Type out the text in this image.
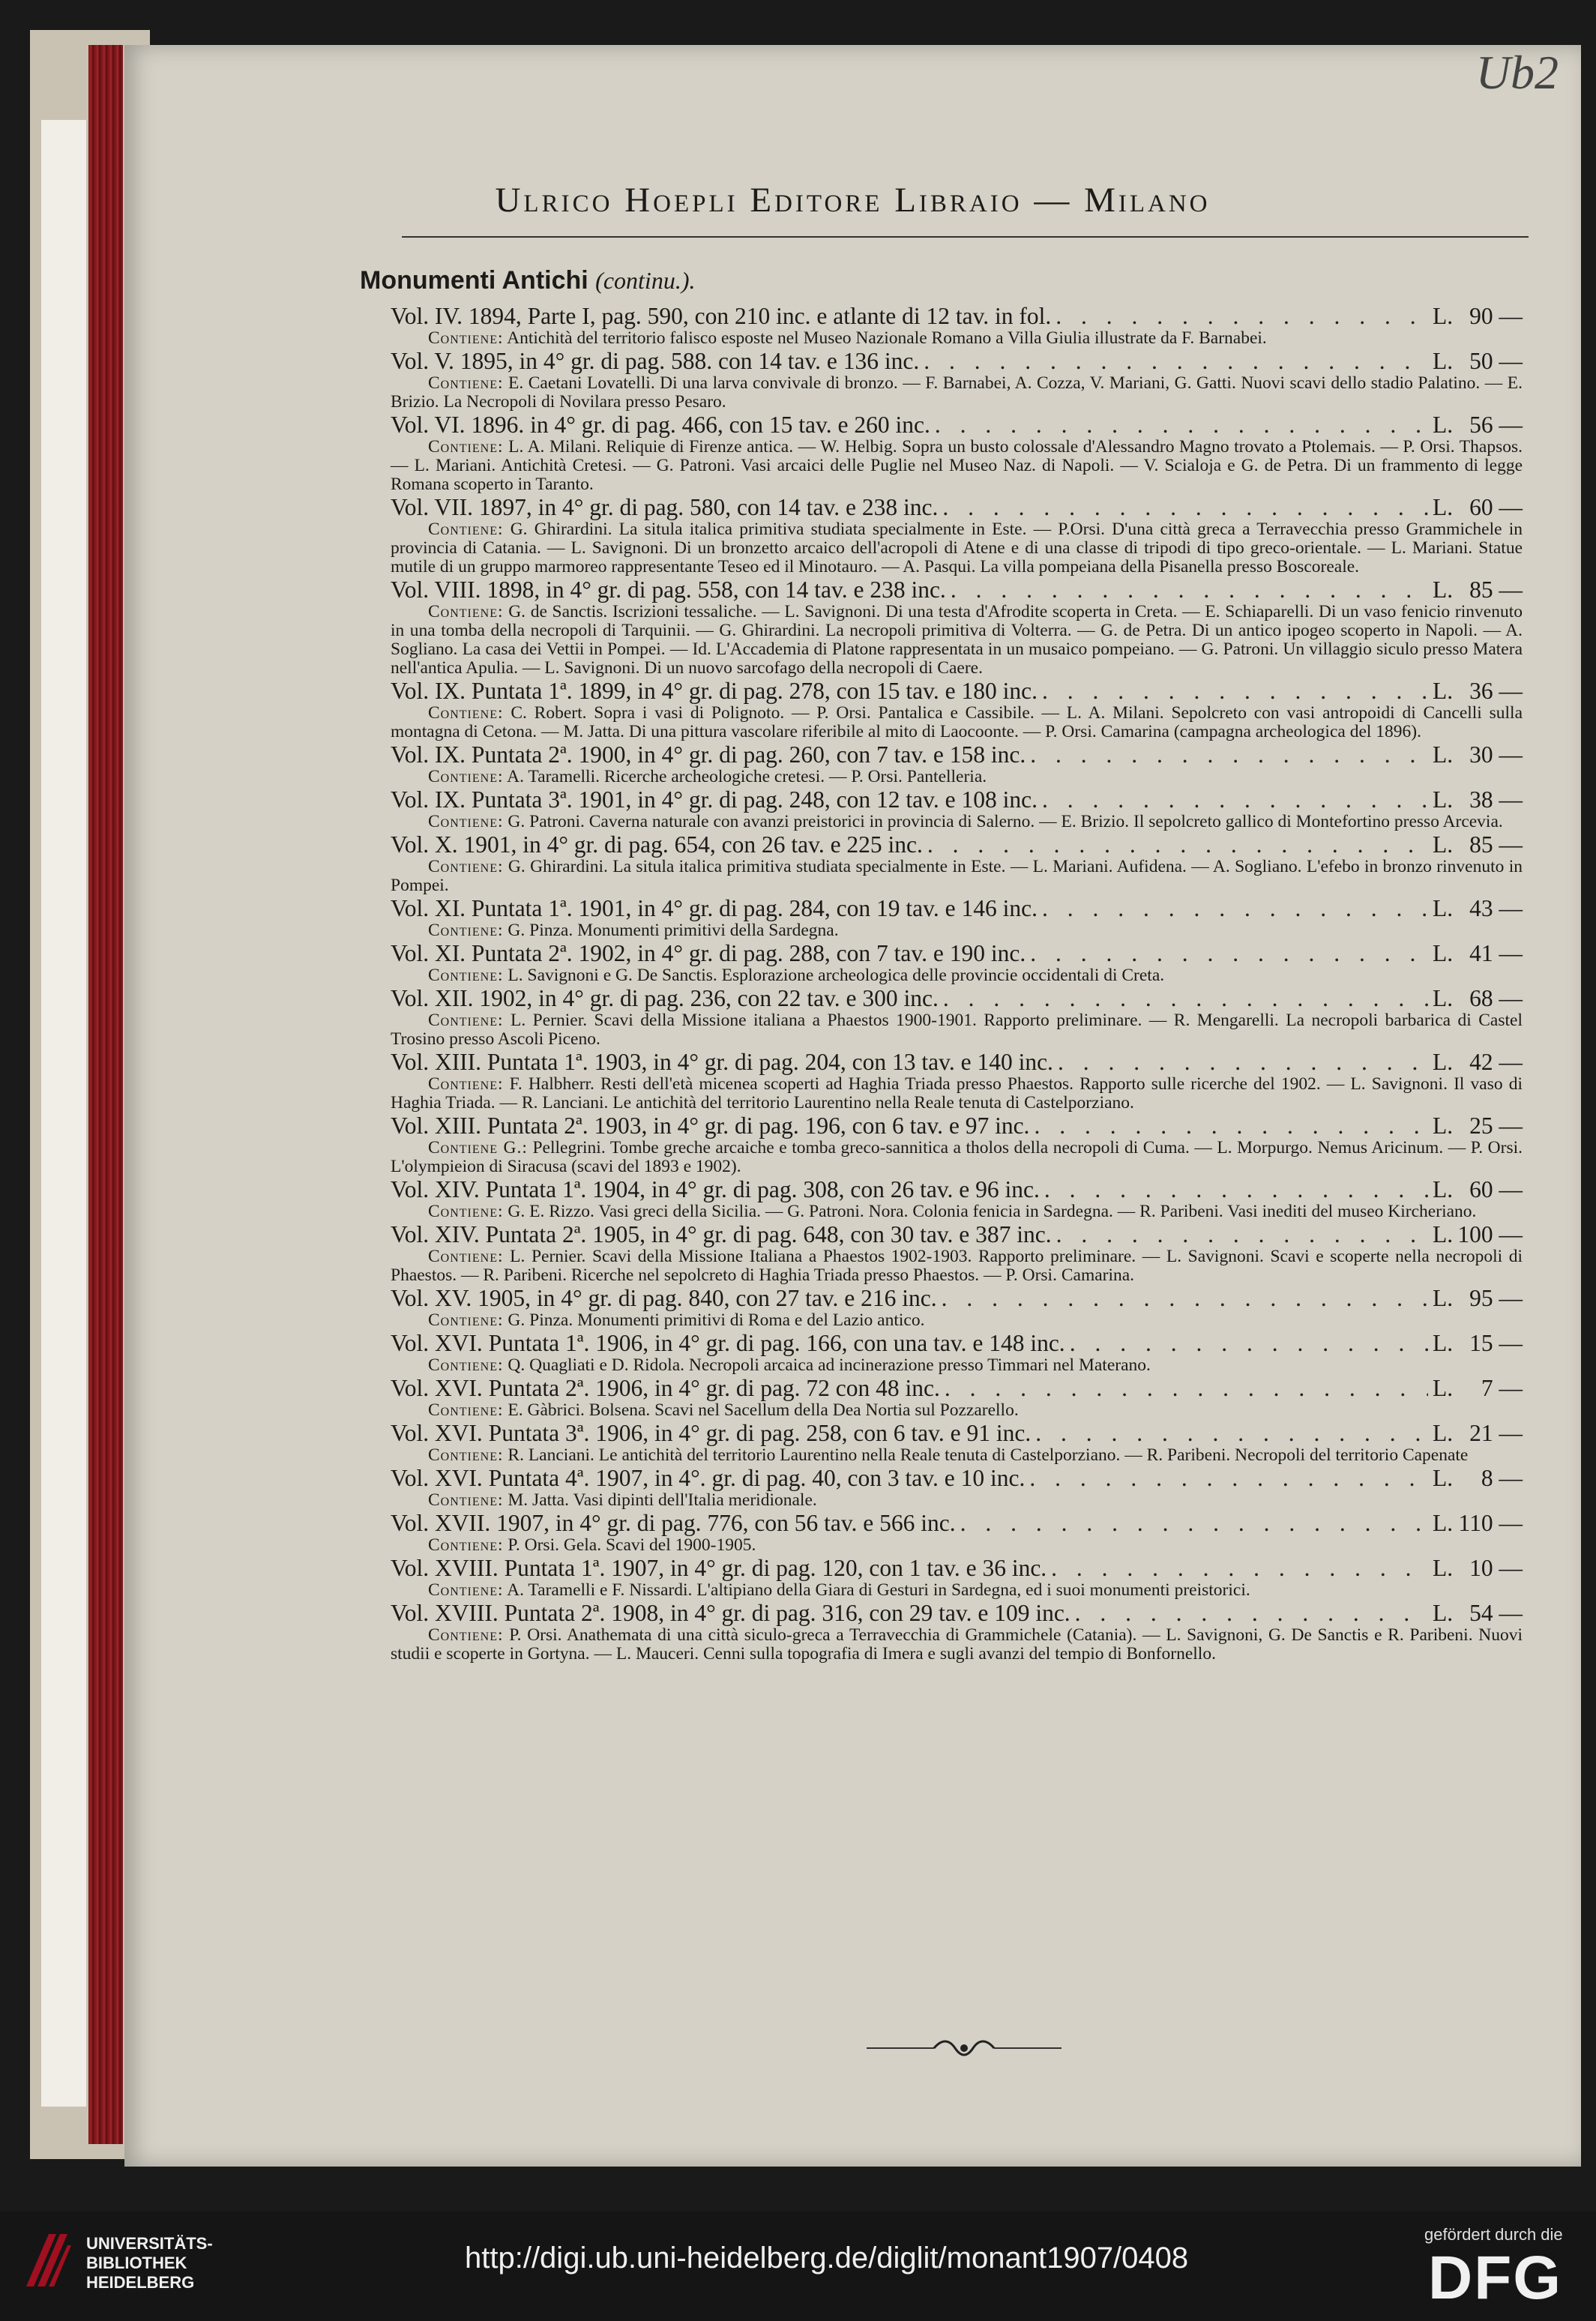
Ub2
Ulrico Hoepli Editore Libraio — Milano
Monumenti Antichi (continu.).
Vol. IV. 1894, Parte I, pag. 590, con 210 inc. e atlante di 12 tav. in fol. . . .	L. 90 —

Contiene: Antichità del territorio falisco esposte nel Museo Nazionale Romano a Villa Giulia illustrate da F. Barnabei.

Vol. V. 1895, in 4° gr. di pag. 588. con 14 tav. e 136 inc. . . .	L. 50 —

Contiene: E. Caetani Lovatelli. Di una larva convivale di bronzo. — F. Barnabei, A. Cozza, V. Mariani, G. Gatti. Nuovi scavi dello stadio Palatino. — E. Brizio. La Necropoli di Novilara presso Pesaro.

Vol. VI. 1896. in 4° gr. di pag. 466, con 15 tav. e 260 inc. . . .	L. 56 —

Contiene: L. A. Milani. Reliquie di Firenze antica. — W. Helbig. Sopra un busto colossale d'Alessandro Magno trovato a Ptolemais. — P. Orsi. Thapsos. — L. Mariani. Antichità Cretesi. — G. Patroni. Vasi arcaici delle Puglie nel Museo Naz. di Napoli. — V. Scialoja e G. de Petra. Di un frammento di legge Romana scoperto in Taranto.

Vol. VII. 1897, in 4° gr. di pag. 580, con 14 tav. e 238 inc. . . .	L. 60 —

Contiene: G. Ghirardini. La situla italica primitiva studiata specialmente in Este. — P.Orsi. D'una città greca a Terravecchia presso Grammichele in provincia di Catania. — L. Savignoni. Di un bronzetto arcaico dell'acropoli di Atene e di una classe di tripodi di tipo greco-orientale. — L. Mariani. Statue mutile di un gruppo marmoreo rappresentante Teseo ed il Minotauro. — A. Pasqui. La villa pompeiana della Pisanella presso Boscoreale.

Vol. VIII. 1898, in 4° gr. di pag. 558, con 14 tav. e 238 inc. . . .	L. 85 —

Contiene: G. de Sanctis. Iscrizioni tessaliche. — L. Savignoni. Di una testa d'Afrodite scoperta in Creta. — E. Schiaparelli. Di un vaso fenicio rinvenuto in una tomba della necropoli di Tarquinii. — G. Ghirardini. La necropoli primitiva di Volterra. — G. de Petra. Di un antico ipogeo scoperto in Napoli. — A. Sogliano. La casa dei Vettii in Pompei. — Id. L'Accademia di Platone rappresentata in un musaico pompeiano. — G. Patroni. Un villaggio siculo presso Matera nell'antica Apulia. — L. Savignoni. Di un nuovo sarcofago della necropoli di Caere.

Vol. IX. Puntata 1ª. 1899, in 4° gr. di pag. 278, con 15 tav. e 180 inc. . . .	L. 36 —

Contiene: C. Robert. Sopra i vasi di Polignoto. — P. Orsi. Pantalica e Cassibile. — L. A. Milani. Sepolcreto con vasi antropoidi di Cancelli sulla montagna di Cetona. — M. Jatta. Di una pittura vascolare riferibile al mito di Laocoonte. — P. Orsi. Camarina (campagna archeologica del 1896).

Vol. IX. Puntata 2ª. 1900, in 4° gr. di pag. 260, con 7 tav. e 158 inc. . . .	L. 30 —

Contiene: A. Taramelli. Ricerche archeologiche cretesi. — P. Orsi. Pantelleria.

Vol. IX. Puntata 3ª. 1901, in 4° gr. di pag. 248, con 12 tav. e 108 inc. . . .	L. 38 —

Contiene: G. Patroni. Caverna naturale con avanzi preistorici in provincia di Salerno. — E. Brizio. Il sepolcreto gallico di Montefortino presso Arcevia.

Vol. X. 1901, in 4° gr. di pag. 654, con 26 tav. e 225 inc. . . .	L. 85 —

Contiene: G. Ghirardini. La situla italica primitiva studiata specialmente in Este. — L. Mariani. Aufidena. — A. Sogliano. L'efebo in bronzo rinvenuto in Pompei.

Vol. XI. Puntata 1ª. 1901, in 4° gr. di pag. 284, con 19 tav. e 146 inc. . . .	L. 43 —

Contiene: G. Pinza. Monumenti primitivi della Sardegna.

Vol. XI. Puntata 2ª. 1902, in 4° gr. di pag. 288, con 7 tav. e 190 inc. . . .	L. 41 —

Contiene: L. Savignoni e G. De Sanctis. Esplorazione archeologica delle provincie occidentali di Creta.

Vol. XII. 1902, in 4° gr. di pag. 236, con 22 tav. e 300 inc. . . .	L. 68 —

Contiene: L. Pernier. Scavi della Missione italiana a Phaestos 1900-1901. Rapporto preliminare. — R. Mengarelli. La necropoli barbarica di Castel Trosino presso Ascoli Piceno.

Vol. XIII. Puntata 1ª. 1903, in 4° gr. di pag. 204, con 13 tav. e 140 inc. . . .	L. 42 —

Contiene: F. Halbherr. Resti dell'età micenea scoperti ad Haghia Triada presso Phaestos. Rapporto sulle ricerche del 1902. — L. Savignoni. Il vaso di Haghia Triada. — R. Lanciani. Le antichità del territorio Laurentino nella Reale tenuta di Castelporziano.

Vol. XIII. Puntata 2ª. 1903, in 4° gr. di pag. 196, con 6 tav. e 97 inc. . . .	L. 25 —

Contiene G.: Pellegrini. Tombe greche arcaiche e tomba greco-sannitica a tholos della necropoli di Cuma. — L. Morpurgo. Nemus Aricinum. — P. Orsi. L'olympieion di Siracusa (scavi del 1893 e 1902).

Vol. XIV. Puntata 1ª. 1904, in 4° gr. di pag. 308, con 26 tav. e 96 inc. . . .	L. 60 —

Contiene: G. E. Rizzo. Vasi greci della Sicilia. — G. Patroni. Nora. Colonia fenicia in Sardegna. — R. Paribeni. Vasi inediti del museo Kircheriano.

Vol. XIV. Puntata 2ª. 1905, in 4° gr. di pag. 648, con 30 tav. e 387 inc. . . .	L. 100 —

Contiene: L. Pernier. Scavi della Missione Italiana a Phaestos 1902-1903. Rapporto preliminare. — L. Savignoni. Scavi e scoperte nella necropoli di Phaestos. — R. Paribeni. Ricerche nel sepolcreto di Haghia Triada presso Phaestos. — P. Orsi. Camarina.

Vol. XV. 1905, in 4° gr. di pag. 840, con 27 tav. e 216 inc. . . .	L. 95 —

Contiene: G. Pinza. Monumenti primitivi di Roma e del Lazio antico.

Vol. XVI. Puntata 1ª. 1906, in 4° gr. di pag. 166, con una tav. e 148 inc. . . .	L. 15 —

Contiene: Q. Quagliati e D. Ridola. Necropoli arcaica ad incinerazione presso Timmari nel Materano.

Vol. XVI. Puntata 2ª. 1906, in 4° gr. di pag. 72 con 48 inc. . . .	L.	7 —

Contiene: E. Gàbrici. Bolsena. Scavi nel Sacellum della Dea Nortia sul Pozzarello.

Vol. XVI. Puntata 3ª. 1906, in 4° gr. di pag. 258, con 6 tav. e 91 inc. . . .	L. 21 —

Contiene: R. Lanciani. Le antichità del territorio Laurentino nella Reale tenuta di Castelporziano. — R. Paribeni. Necropoli del territorio Capenate

Vol. XVI. Puntata 4ª. 1907, in 4°. gr. di pag. 40, con 3 tav. e 10 inc. . . .	L.	8 —

Contiene: M. Jatta. Vasi dipinti dell'Italia meridionale.

Vol. XVII. 1907, in 4° gr. di pag. 776, con 56 tav. e 566 inc. . . .	L. 110 —

Contiene: P. Orsi. Gela. Scavi del 1900-1905.

Vol. XVIII. Puntata 1ª. 1907, in 4° gr. di pag. 120, con 1 tav. e 36 inc. . . .	L. 10 —

Contiene: A. Taramelli e F. Nissardi. L'altipiano della Giara di Gesturi in Sardegna, ed i suoi monumenti preistorici.

Vol. XVIII. Puntata 2ª. 1908, in 4° gr. di pag. 316, con 29 tav. e 109 inc. . . .	L. 54 —

Contiene: P. Orsi. Anathemata di una città siculo-greca a Terravecchia di Grammichele (Catania). — L. Savignoni, G. De Sanctis e R. Paribeni. Nuovi studii e scoperte in Gortyna. — L. Mauceri. Cenni sulla topografia di Imera e sugli avanzi del tempio di Bonfornello.

UNIVERSITÄTS-
BIBLIOTHEK
HEIDELBERG
http://digi.ub.uni-heidelberg.de/diglit/monant1907/0408
gefördert durch die
DFG
